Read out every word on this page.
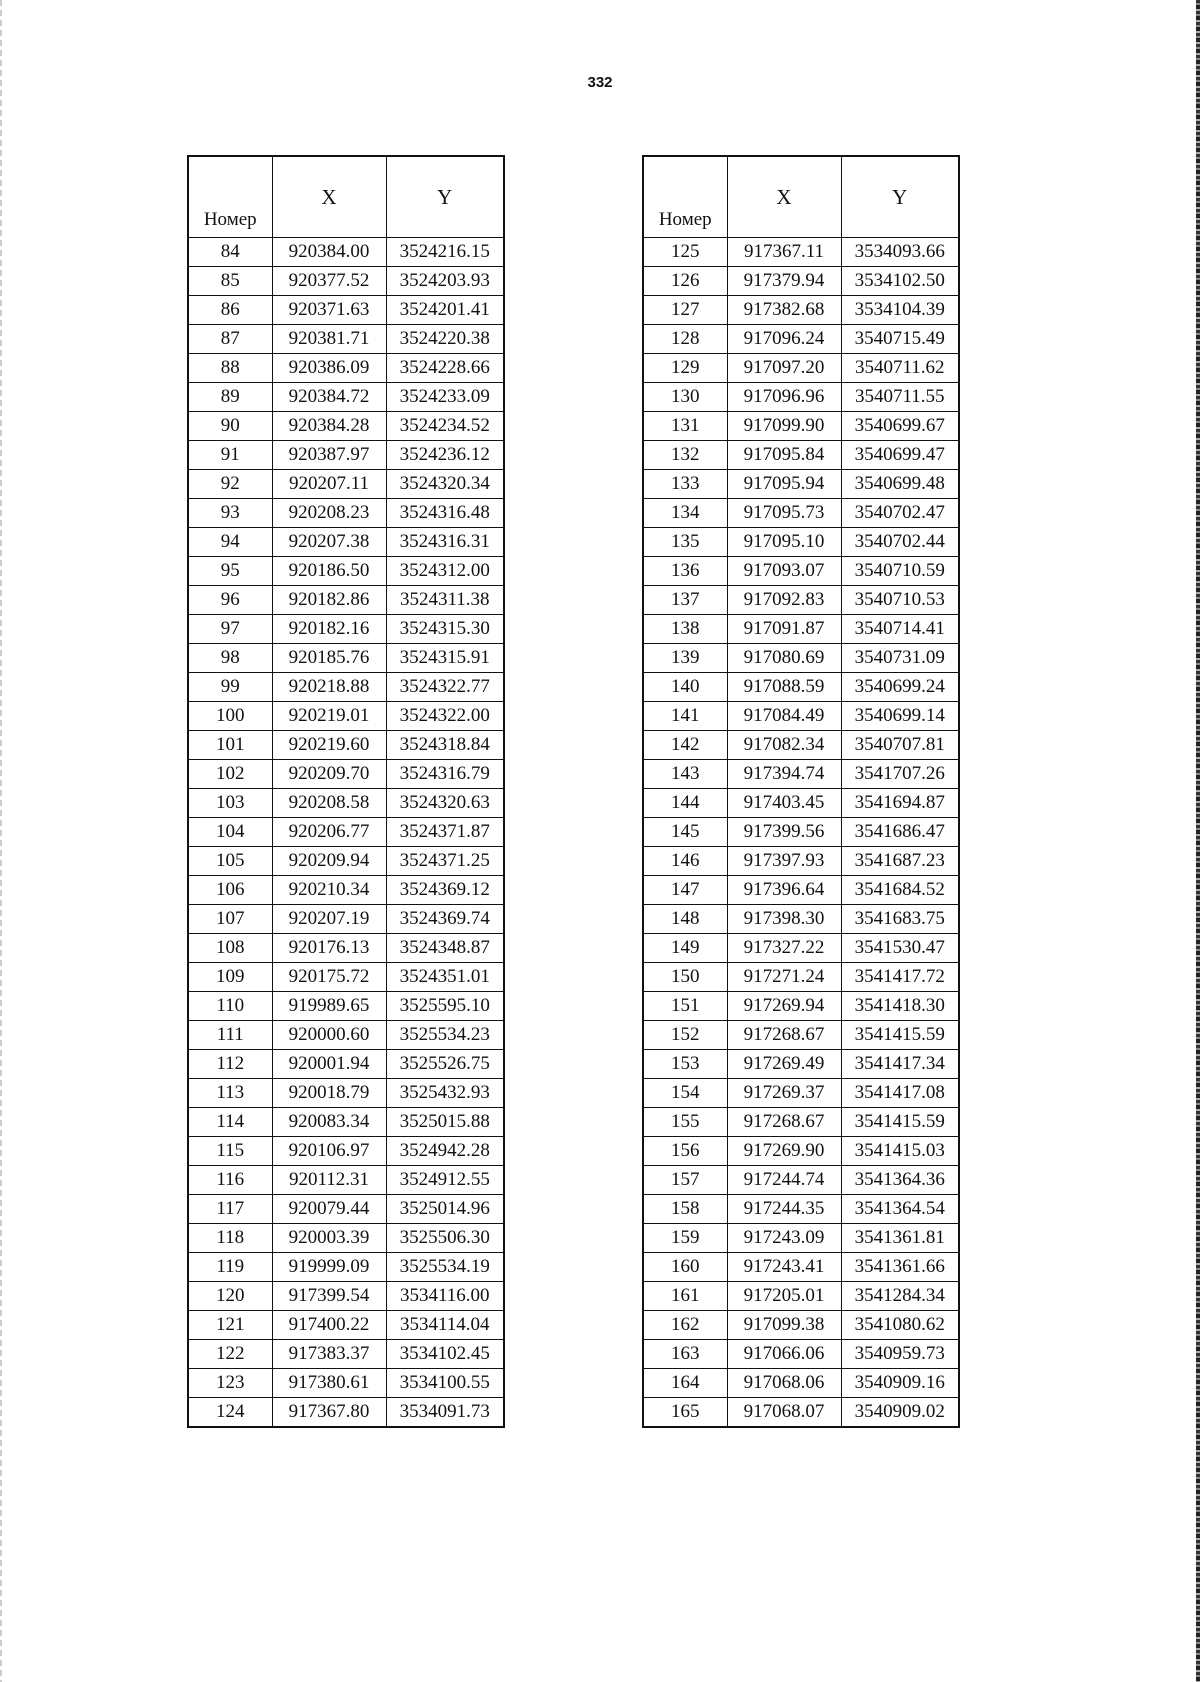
332
Номер	X	Y
84	920384.00	3524216.15
85	920377.52	3524203.93
86	920371.63	3524201.41
87	920381.71	3524220.38
88	920386.09	3524228.66
89	920384.72	3524233.09
90	920384.28	3524234.52
91	920387.97	3524236.12
92	920207.11	3524320.34
93	920208.23	3524316.48
94	920207.38	3524316.31
95	920186.50	3524312.00
96	920182.86	3524311.38
97	920182.16	3524315.30
98	920185.76	3524315.91
99	920218.88	3524322.77
100	920219.01	3524322.00
101	920219.60	3524318.84
102	920209.70	3524316.79
103	920208.58	3524320.63
104	920206.77	3524371.87
105	920209.94	3524371.25
106	920210.34	3524369.12
107	920207.19	3524369.74
108	920176.13	3524348.87
109	920175.72	3524351.01
110	919989.65	3525595.10
111	920000.60	3525534.23
112	920001.94	3525526.75
113	920018.79	3525432.93
114	920083.34	3525015.88
115	920106.97	3524942.28
116	920112.31	3524912.55
117	920079.44	3525014.96
118	920003.39	3525506.30
119	919999.09	3525534.19
120	917399.54	3534116.00
121	917400.22	3534114.04
122	917383.37	3534102.45
123	917380.61	3534100.55
124	917367.80	3534091.73
Номер	X	Y
125	917367.11	3534093.66
126	917379.94	3534102.50
127	917382.68	3534104.39
128	917096.24	3540715.49
129	917097.20	3540711.62
130	917096.96	3540711.55
131	917099.90	3540699.67
132	917095.84	3540699.47
133	917095.94	3540699.48
134	917095.73	3540702.47
135	917095.10	3540702.44
136	917093.07	3540710.59
137	917092.83	3540710.53
138	917091.87	3540714.41
139	917080.69	3540731.09
140	917088.59	3540699.24
141	917084.49	3540699.14
142	917082.34	3540707.81
143	917394.74	3541707.26
144	917403.45	3541694.87
145	917399.56	3541686.47
146	917397.93	3541687.23
147	917396.64	3541684.52
148	917398.30	3541683.75
149	917327.22	3541530.47
150	917271.24	3541417.72
151	917269.94	3541418.30
152	917268.67	3541415.59
153	917269.49	3541417.34
154	917269.37	3541417.08
155	917268.67	3541415.59
156	917269.90	3541415.03
157	917244.74	3541364.36
158	917244.35	3541364.54
159	917243.09	3541361.81
160	917243.41	3541361.66
161	917205.01	3541284.34
162	917099.38	3541080.62
163	917066.06	3540959.73
164	917068.06	3540909.16
165	917068.07	3540909.02
